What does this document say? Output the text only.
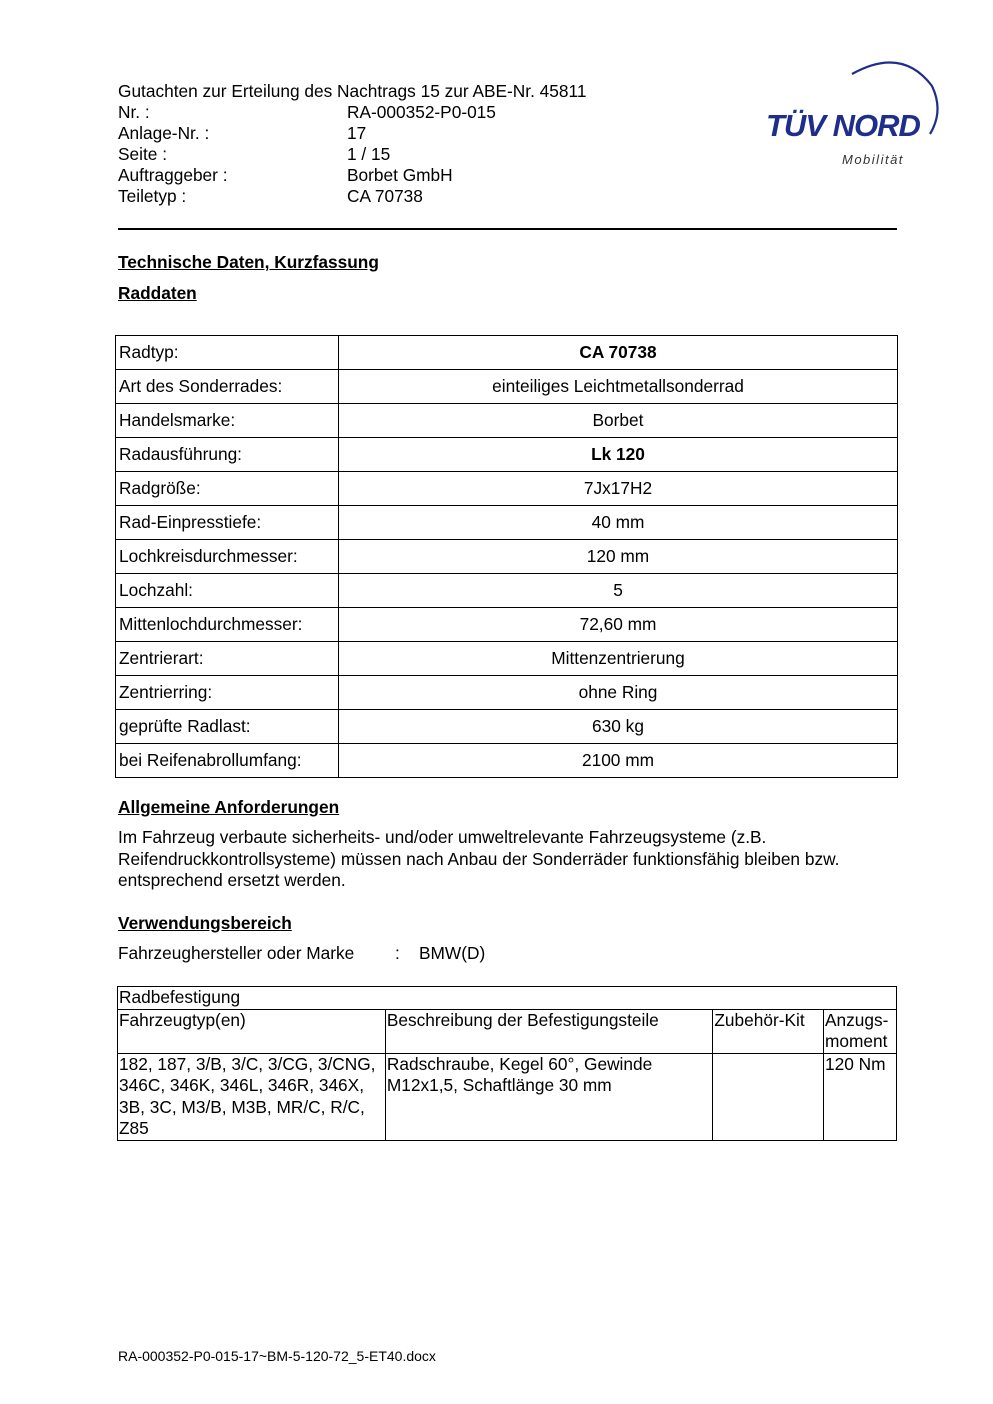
Gutachten zur Erteilung des Nachtrags 15 zur ABE-Nr. 45811
Nr. :	RA-000352-P0-015
Anlage-Nr. :	17
Seite :	1 / 15
Auftraggeber :	Borbet GmbH
Teiletyp :	CA 70738
TÜV NORD
Mobilität
Technische Daten, Kurzfassung
Raddaten
Radtyp:	CA 70738
Art des Sonderrades:	einteiliges Leichtmetallsonderrad
Handelsmarke:	Borbet
Radausführung:	Lk 120
Radgröße:	7Jx17H2
Rad-Einpresstiefe:	40 mm
Lochkreisdurchmesser:	120 mm
Lochzahl:	5
Mittenlochdurchmesser:	72,60 mm
Zentrierart:	Mittenzentrierung
Zentrierring:	ohne Ring
geprüfte Radlast:	630 kg
bei Reifenabrollumfang:	2100 mm
Allgemeine Anforderungen
Im Fahrzeug verbaute sicherheits- und/oder umweltrelevante Fahrzeugsysteme (z.B. Reifendruckkontrollsysteme) müssen nach Anbau der Sonderräder funktionsfähig bleiben bzw. entsprechend ersetzt werden.
Verwendungsbereich
Fahrzeughersteller oder Marke : BMW(D)
Radbefestigung			
Fahrzeugtyp(en)	Beschreibung der Befestigungsteile	Zubehör-Kit	Anzugs-moment
182, 187, 3/B, 3/C, 3/CG, 3/CNG, 346C, 346K, 346L, 346R, 346X, 3B, 3C, M3/B, M3B, MR/C, R/C, Z85	Radschraube, Kegel 60°, Gewinde M12x1,5, Schaftlänge 30 mm		120 Nm
RA-000352-P0-015-17~BM-5-120-72_5-ET40.docx
